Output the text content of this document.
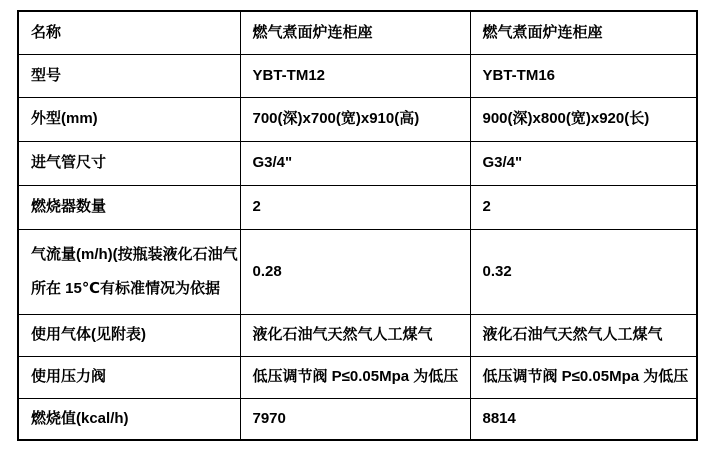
名称	燃气煮面炉连柜座	燃气煮面炉连柜座
型号	YBT-TM12	YBT-TM16
外型(mm)	700(深)x700(宽)x910(高)	900(深)x800(宽)x920(长)
进气管尺寸	G3/4"	G3/4"
燃烧器数量	2	2

气流量(m/h)(按瓶装液化石油气
所在 15℃有标准情况为依据	0.28	0.32
使用气体(见附表)	液化石油气天然气人工煤气	液化石油气天然气人工煤气
使用压力阀	低压调节阀 P≤0.05Mpa 为低压	低压调节阀 P≤0.05Mpa 为低压
燃烧值(kcal/h)	7970	8814
